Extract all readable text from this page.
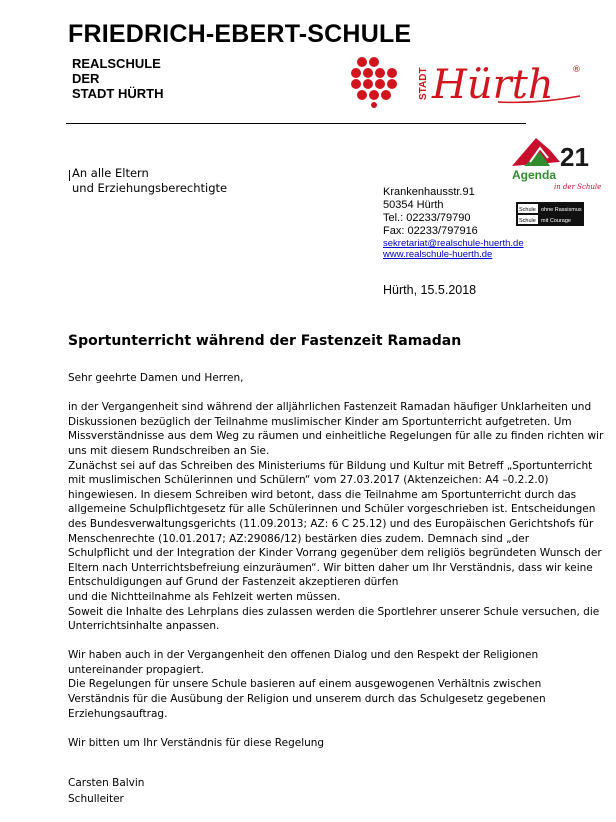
FRIEDRICH-EBERT-SCHULE
REALSCHULE
DER
STADT HÜRTH	STADT Hürth ®
21
Agenda
in der Schule
An alle Eltern
und Erziehungsberechtigte	Krankenhausstr.91
50354 Hürth
Tel.: 02233/79790
Fax: 02233/797916
sekretariat@realschule-huerth.de
www.realschule-huerth.de
Schule ohne Rassismus
Schule mit Courage
Hürth, 15.5.2018
Sportunterricht während der Fastenzeit Ramadan
Sehr geehrte Damen und Herren,
in der Vergangenheit sind während der alljährlichen Fastenzeit Ramadan häufiger Unklarheiten und
Diskussionen bezüglich der Teilnahme muslimischer Kinder am Sportunterricht aufgetreten. Um
Missverständnisse aus dem Weg zu räumen und einheitliche Regelungen für alle zu finden richten wir
uns mit diesem Rundschreiben an Sie.
Zunächst sei auf das Schreiben des Ministeriums für Bildung und Kultur mit Betreff „Sportunterricht
mit muslimischen Schülerinnen und Schülern“ vom 27.03.2017 (Aktenzeichen: A4 –0.2.2.0)
hingewiesen. In diesem Schreiben wird betont, dass die Teilnahme am Sportunterricht durch das
allgemeine Schulpflichtgesetz für alle Schülerinnen und Schüler vorgeschrieben ist. Entscheidungen
des Bundesverwaltungsgerichts (11.09.2013; AZ: 6 C 25.12) und des Europäischen Gerichtshofs für
Menschenrechte (10.01.2017; AZ:29086/12) bestärken dies zudem. Demnach sind „der
Schulpflicht und der Integration der Kinder Vorrang gegenüber dem religiös begründeten Wunsch der
Eltern nach Unterrichtsbefreiung einzuräumen“. Wir bitten daher um Ihr Verständnis, dass wir keine
Entschuldigungen auf Grund der Fastenzeit akzeptieren dürfen
und die Nichtteilnahme als Fehlzeit werten müssen.
Soweit die Inhalte des Lehrplans dies zulassen werden die Sportlehrer unserer Schule versuchen, die
Unterrichtsinhalte anpassen.
Wir haben auch in der Vergangenheit den offenen Dialog und den Respekt der Religionen
untereinander propagiert.
Die Regelungen für unsere Schule basieren auf einem ausgewogenen Verhältnis zwischen
Verständnis für die Ausübung der Religion und unserem durch das Schulgesetz gegebenen
Erziehungsauftrag.
Wir bitten um Ihr Verständnis für diese Regelung
Carsten Balvin
Schulleiter
